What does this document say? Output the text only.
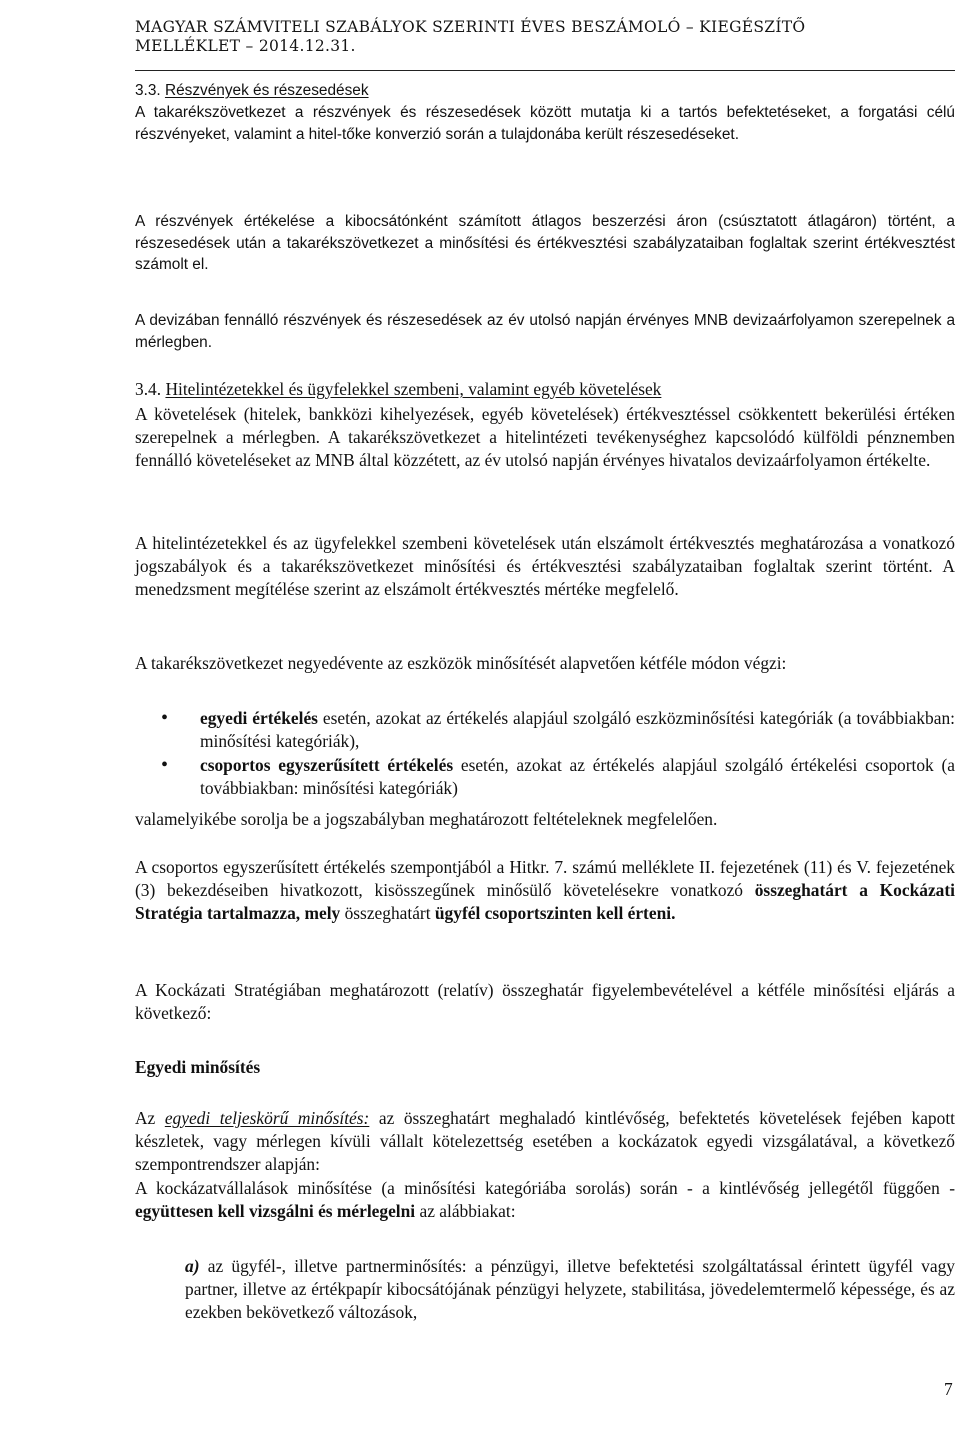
MAGYAR SZÁMVITELI SZABÁLYOK SZERINTI ÉVES BESZÁMOLÓ – KIEGÉSZÍTŐ
MELLÉKLET – 2014.12.31.
3.3. Részvények és részesedések
A takarékszövetkezet a részvények és részesedések között mutatja ki a tartós befektetéseket, a forgatási célú részvényeket, valamint a hitel-tőke konverzió során a tulajdonába került részesedéseket.
A részvények értékelése a kibocsátónként számított átlagos beszerzési áron (csúsztatott átlagáron) történt, a részesedések után a takarékszövetkezet a minősítési és értékvesztési szabályzataiban foglaltak szerint értékvesztést számolt el.
A devizában fennálló részvények és részesedések az év utolsó napján érvényes MNB devizaárfolyamon szerepelnek a mérlegben.
3.4. Hitelintézetekkel és ügyfelekkel szembeni, valamint egyéb követelések
A követelések (hitelek, bankközi kihelyezések, egyéb követelések) értékvesztéssel csökkentett bekerülési értéken szerepelnek a mérlegben. A takarékszövetkezet a hitelintézeti tevékenységhez kapcsolódó külföldi pénznemben fennálló követeléseket az MNB által közzétett, az év utolsó napján érvényes hivatalos devizaárfolyamon értékelte.
A hitelintézetekkel és az ügyfelekkel szembeni követelések után elszámolt értékvesztés meghatározása a vonatkozó jogszabályok és a takarékszövetkezet minősítési és értékvesztési szabályzataiban foglaltak szerint történt. A menedzsment megítélése szerint az elszámolt értékvesztés mértéke megfelelő.
A takarékszövetkezet negyedévente az eszközök minősítését alapvetően kétféle módon végzi:
• egyedi értékelés esetén, azokat az értékelés alapjául szolgáló eszközminősítési kategóriák (a továbbiakban: minősítési kategóriák),
• csoportos egyszerűsített értékelés esetén, azokat az értékelés alapjául szolgáló értékelési csoportok (a továbbiakban: minősítési kategóriák)
valamelyikébe sorolja be a jogszabályban meghatározott feltételeknek megfelelően.
A csoportos egyszerűsített értékelés szempontjából a Hitkr. 7. számú melléklete II. fejezetének (11) és V. fejezetének (3) bekezdéseiben hivatkozott, kisösszegűnek minősülő követelésekre vonatkozó összeghatárt a Kockázati Stratégia tartalmazza, mely összeghatárt ügyfél csoportszinten kell érteni.
A Kockázati Stratégiában meghatározott (relatív) összeghatár figyelembevételével a kétféle minősítési eljárás a következő:
Egyedi minősítés
Az egyedi teljeskörű minősítés: az összeghatárt meghaladó kintlévőség, befektetés követelések fejében kapott készletek, vagy mérlegen kívüli vállalt kötelezettség esetében a kockázatok egyedi vizsgálatával, a következő szempontrendszer alapján:
A kockázatvállalások minősítése (a minősítési kategóriába sorolás) során - a kintlévőség jellegétől függően - együttesen kell vizsgálni és mérlegelni az alábbiakat:
a) az ügyfél-, illetve partnerminősítés: a pénzügyi, illetve befektetési szolgáltatással érintett ügyfél vagy partner, illetve az értékpapír kibocsátójának pénzügyi helyzete, stabilitása, jövedelemtermelő képessége, és az ezekben bekövetkező változások,
7
